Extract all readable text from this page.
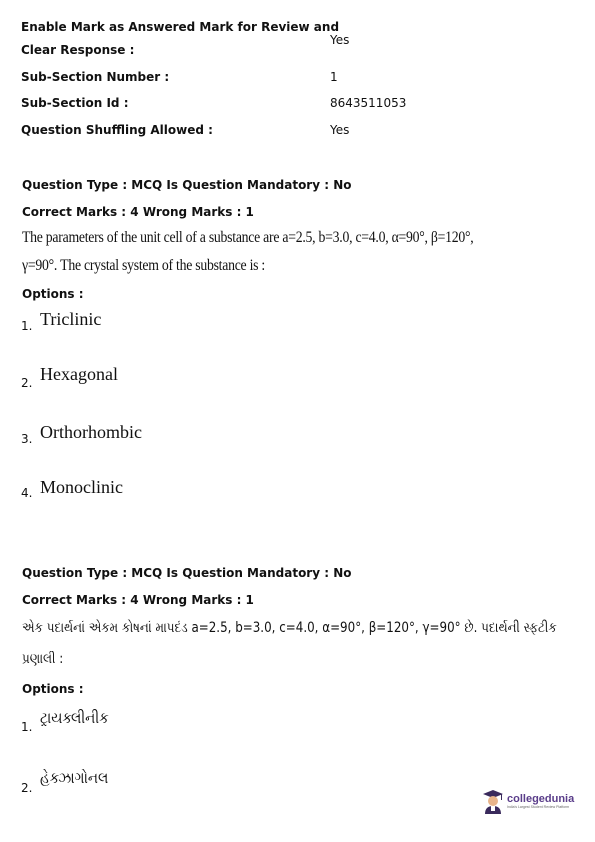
Enable Mark as Answered Mark for Review and
Clear Response :
Yes
Sub-Section Number :	1
Sub-Section Id :	8643511053
Question Shuffling Allowed :	Yes
Question Type : MCQ Is Question Mandatory : No
Correct Marks : 4 Wrong Marks : 1
The parameters of the unit cell of a substance are a=2.5, b=3.0, c=4.0, α=90°, β=120°,
γ=90°. The crystal system of the substance is :
Options :
1. Triclinic
2. Hexagonal
3. Orthorhombic
4. Monoclinic
Question Type : MCQ Is Question Mandatory : No
Correct Marks : 4 Wrong Marks : 1
એક પદાર્થનાં એકમ કોષનાં માપદંડ a=2.5, b=3.0, c=4.0, α=90°, β=120°, γ=90° છે. પદાર્થની સ્ફટીક
પ્રણાલી :
Options :
1. ટ્રાયક્લીનીક
2.
હેક્ઝાગોનલ
collegedunia
India's Largest Student Review Platform
